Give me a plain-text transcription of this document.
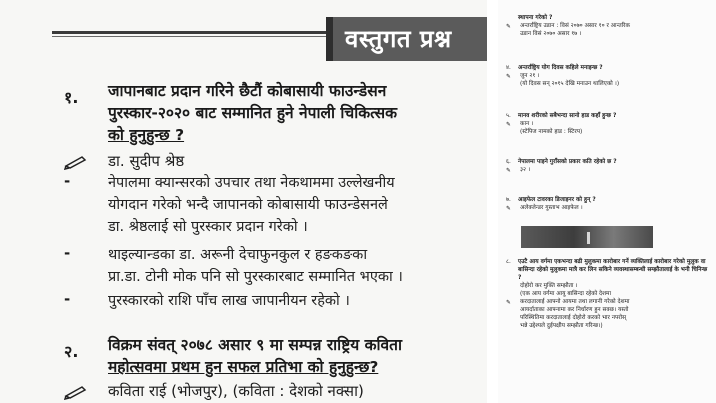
वस्तुगत प्रश्न
१. जापानबाट प्रदान गरिने छैटौं कोबासायी फाउन्डेसन
पुरस्कार-२०२० बाट सम्मानित हुने नेपाली चिकित्सक
को हुनुहुन्छ ?
डा. सुदीप श्रेष्ठ
-	नेपालमा क्यान्सरको उपचार तथा नेकथाममा उल्लेखनीय
योगदान गरेको भन्दै जापानको कोबासायी फाउन्डेसनले
डा. श्रेष्ठलाई सो पुरस्कार प्रदान गरेको ।
-	थाइल्यान्डका डा. अरूनी देचाफुनकुल र हङकङका
प्रा.डा. टोनी मोक पनि सो पुरस्कारबाट सम्मानित भएका ।
-	पुरस्कारको राशि पाँच लाख जापानीयन रहेको ।
२. विक्रम संवत् २०७८ असार ९ मा सम्पन्न राष्ट्रिय कविता
महोत्सवमा प्रथम हुन सफल प्रतिभा को हुनुहुन्छ?
कविता राई (भोजपुर), (कविता : देशको नक्सा)
स्थापना गरेको ?
✎	अन्तर्राष्ट्रिय उडान : विसं २०७० असार १० र आन्तरिक
उडान विसं २०७० असार १७ ।
४. अन्तर्राष्ट्रिय योग दिवस कहिले मनाइन्छ ?
✎	जुन २१ ।
(यो दिवस सन् २०१५ देखि मनाउन थालिएको ।)
५. मानव शरीरको सबैभन्दा सानो हाड कहाँ हुन्छ ?
✎	कान ।
(स्टेपिज नामको हाड : स्टिरप)
६. नेपालमा पाइने गुराँसको प्रकार कति रहेको छ ?
✎	३२ ।
७. आइफेल टावरका डिजाइनर को हुन् ?
✎	अलेक्जेन्डर गुस्ताभ आइफेल ।
८. एउटै आय वर्गमा एकभन्दा बढी मुलुकमा कारोबार गर्ने व्यक्तिलाई कारोबार गरेको मुलुक वा बासिन्दा रहेको मुलुकमा मात्रै कर लिन सकिने व्यवस्थासम्बन्धी सम्झौतालाई के भनी चिनिन्छ ?
✎
दोहोरो कर मुक्ति सम्झौता ।
(एक आय वर्गमा आयु बासिन्दा रहेको देशमा
करदातालाई आफ्नो आयमा तथा लगानी गरेको देशमा
आयर्दाताका आफ्नामा कर निर्धारण हुन सक्छ। यस्तो
परिस्थितिमा करदातालाई दोहोरो करको भार नपरोस्
भन्ने उद्देश्यले दुईपक्षीय सम्झौता गरिन्छ।)
